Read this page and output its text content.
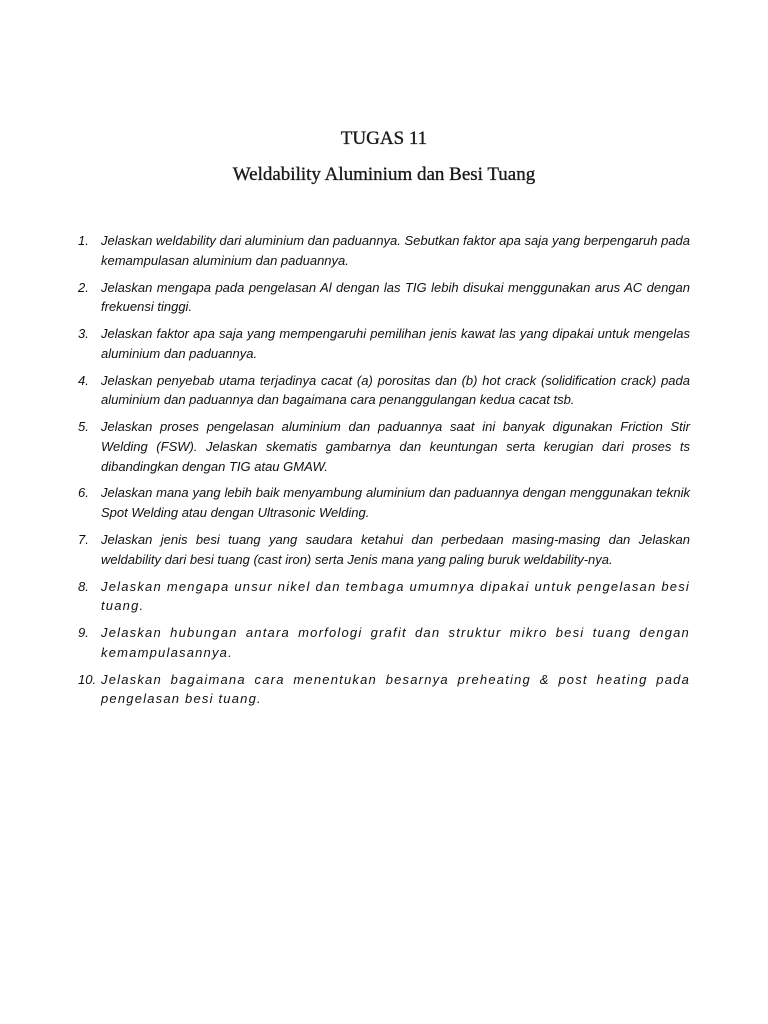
TUGAS 11
Weldability Aluminium dan Besi Tuang
1. Jelaskan weldability dari aluminium dan paduannya. Sebutkan faktor apa saja yang berpengaruh pada kemampulasan aluminium dan paduannya.
2. Jelaskan mengapa pada pengelasan Al dengan las TIG lebih disukai menggunakan arus AC dengan frekuensi tinggi.
3. Jelaskan faktor apa saja yang mempengaruhi pemilihan jenis kawat las yang dipakai untuk mengelas aluminium dan paduannya.
4. Jelaskan penyebab utama terjadinya cacat (a) porositas dan (b) hot crack (solidification crack) pada aluminium dan paduannya dan bagaimana cara penanggulangan kedua cacat tsb.
5. Jelaskan proses pengelasan aluminium dan paduannya saat ini banyak digunakan Friction Stir Welding (FSW). Jelaskan skematis gambarnya dan keuntungan serta kerugian dari proses ts dibandingkan dengan TIG atau GMAW.
6. Jelaskan mana yang lebih baik menyambung aluminium dan paduannya dengan menggunakan teknik Spot Welding atau dengan Ultrasonic Welding.
7. Jelaskan jenis besi tuang yang saudara ketahui dan perbedaan masing-masing dan Jelaskan weldability dari besi tuang (cast iron) serta Jenis mana yang paling buruk weldability-nya.
8. Jelaskan mengapa unsur nikel dan tembaga umumnya dipakai untuk pengelasan besi tuang.
9. Jelaskan hubungan antara morfologi grafit dan struktur mikro besi tuang dengan kemampulasannya.
10. Jelaskan bagaimana cara menentukan besarnya preheating & post heating pada pengelasan besi tuang.
